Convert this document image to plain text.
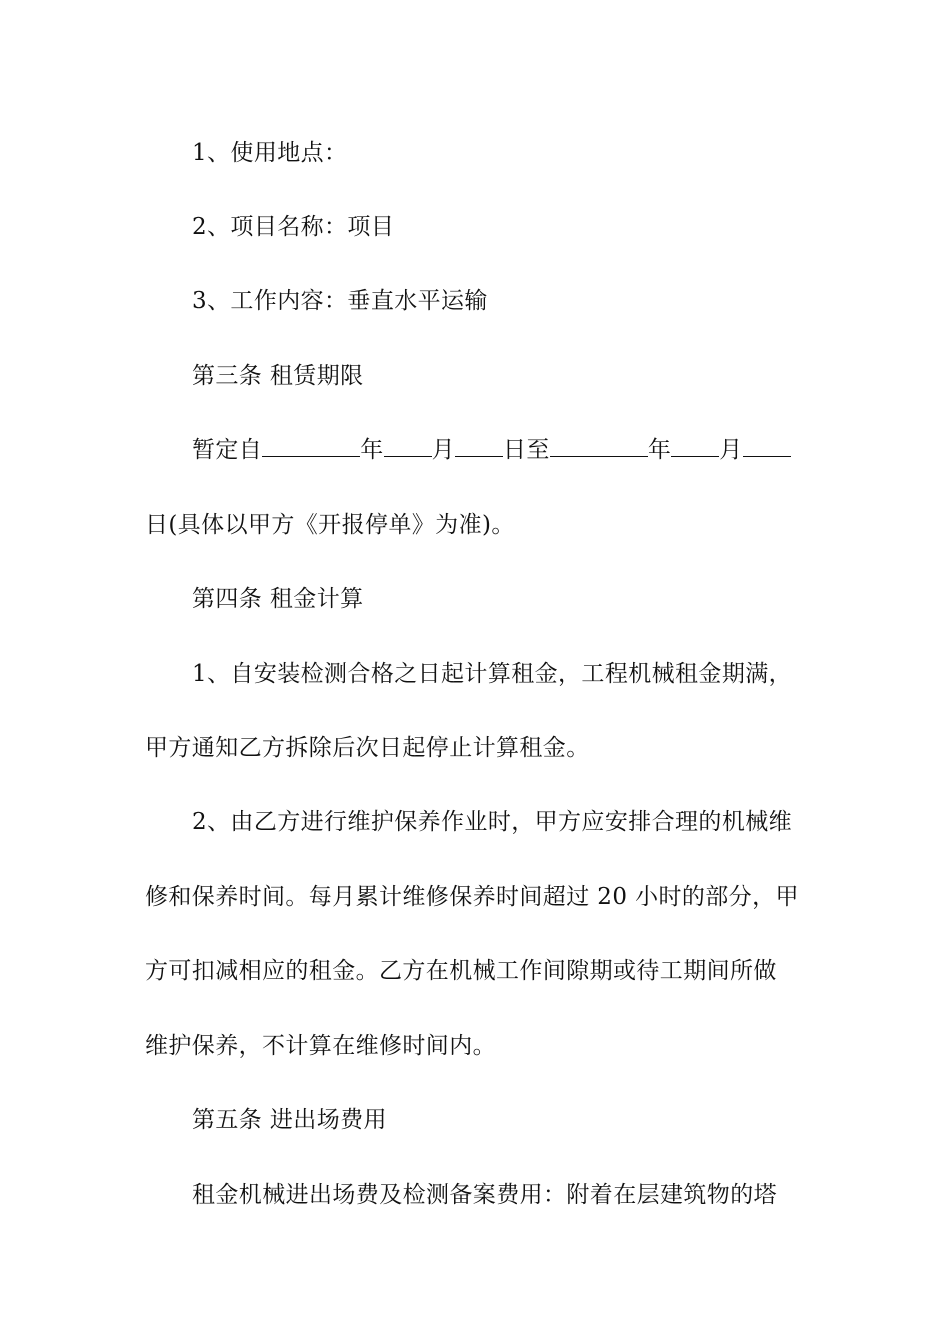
1、使用地点：
2、项目名称：项目
3、工作内容：垂直水平运输
第三条 租赁期限
暂定自	年 月 日至	年 月
日(具体以甲方《开报停单》为准)。
第四条 租金计算
1、自安装检测合格之日起计算租金，工程机械租金期满，
甲方通知乙方拆除后次日起停止计算租金。
2、由乙方进行维护保养作业时，甲方应安排合理的机械维
修和保养时间。每月累计维修保养时间超过 20 小时的部分，甲
方可扣减相应的租金。乙方在机械工作间隙期或待工期间所做
维护保养，不计算在维修时间内。
第五条 进出场费用
租金机械进出场费及检测备案费用：附着在层建筑物的塔
